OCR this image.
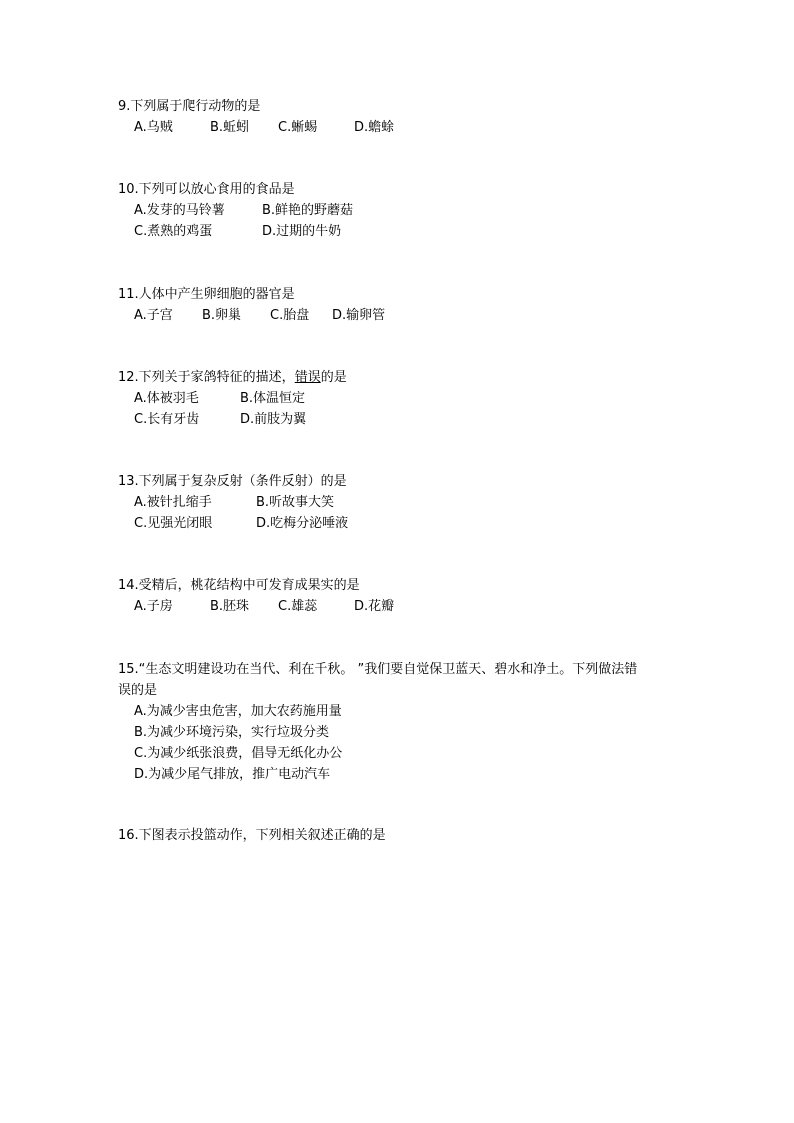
9.下列属于爬行动物的是
A.乌贼	B.蚯蚓 C.蜥蜴	D.蟾蜍
10.下列可以放心食用的食品是
A.发芽的马铃薯	B.鲜艳的野蘑菇
C.煮熟的鸡蛋	D.过期的牛奶
11.人体中产生卵细胞的器官是
A.子宫 B.卵巢 C.胎盘 D.输卵管
12.下列关于家鸽特征的描述，错误的是
A.体被羽毛	B.体温恒定
C.长有牙齿	D.前肢为翼
13.下列属于复杂反射（条件反射）的是
A.被针扎缩手	B.听故事大笑
C.见强光闭眼	D.吃梅分泌唾液
14.受精后，桃花结构中可发育成果实的是
A.子房	B.胚珠 C.雄蕊	D.花瓣
15.“生态文明建设功在当代、利在千秋。 ”我们要自觉保卫蓝天、碧水和净土。下列做法错误的是
A.为减少害虫危害，加大农药施用量
B.为减少环境污染，实行垃圾分类
C.为减少纸张浪费，倡导无纸化办公
D.为减少尾气排放，推广电动汽车
16.下图表示投篮动作，下列相关叙述正确的是
